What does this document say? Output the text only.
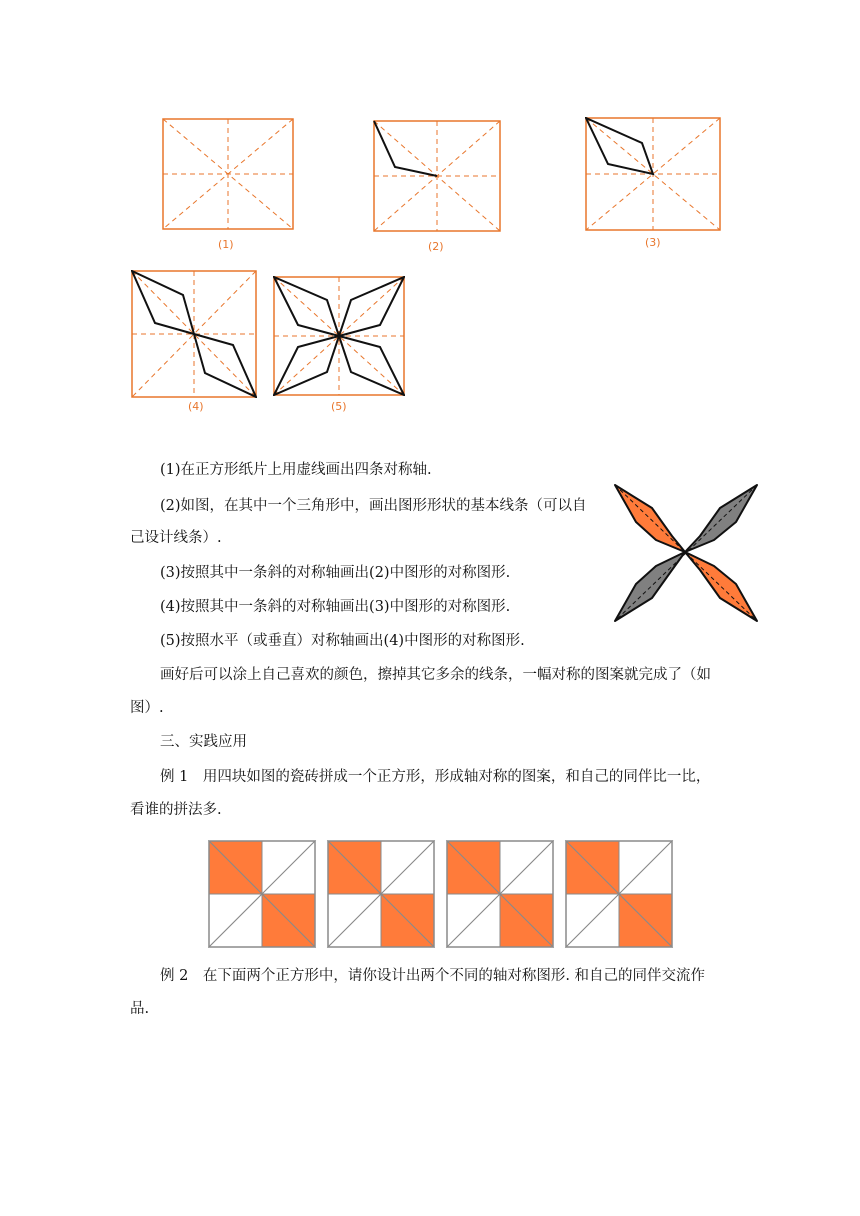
(1)	(2)	(3)
(4)	(5)
(1)在正方形纸片上用虚线画出四条对称轴.
(2)如图，在其中一个三角形中，画出图形形状的基本线条（可以自
己设计线条）.
(3)按照其中一条斜的对称轴画出(2)中图形的对称图形.
(4)按照其中一条斜的对称轴画出(3)中图形的对称图形.
(5)按照水平（或垂直）对称轴画出(4)中图形的对称图形.
画好后可以涂上自己喜欢的颜色，擦掉其它多余的线条，一幅对称的图案就完成了（如
图）.
三、实践应用
例 1　用四块如图的瓷砖拼成一个正方形，形成轴对称的图案，和自己的同伴比一比，
看谁的拼法多.
例 2　在下面两个正方形中，请你设计出两个不同的轴对称图形. 和自己的同伴交流作
品.
